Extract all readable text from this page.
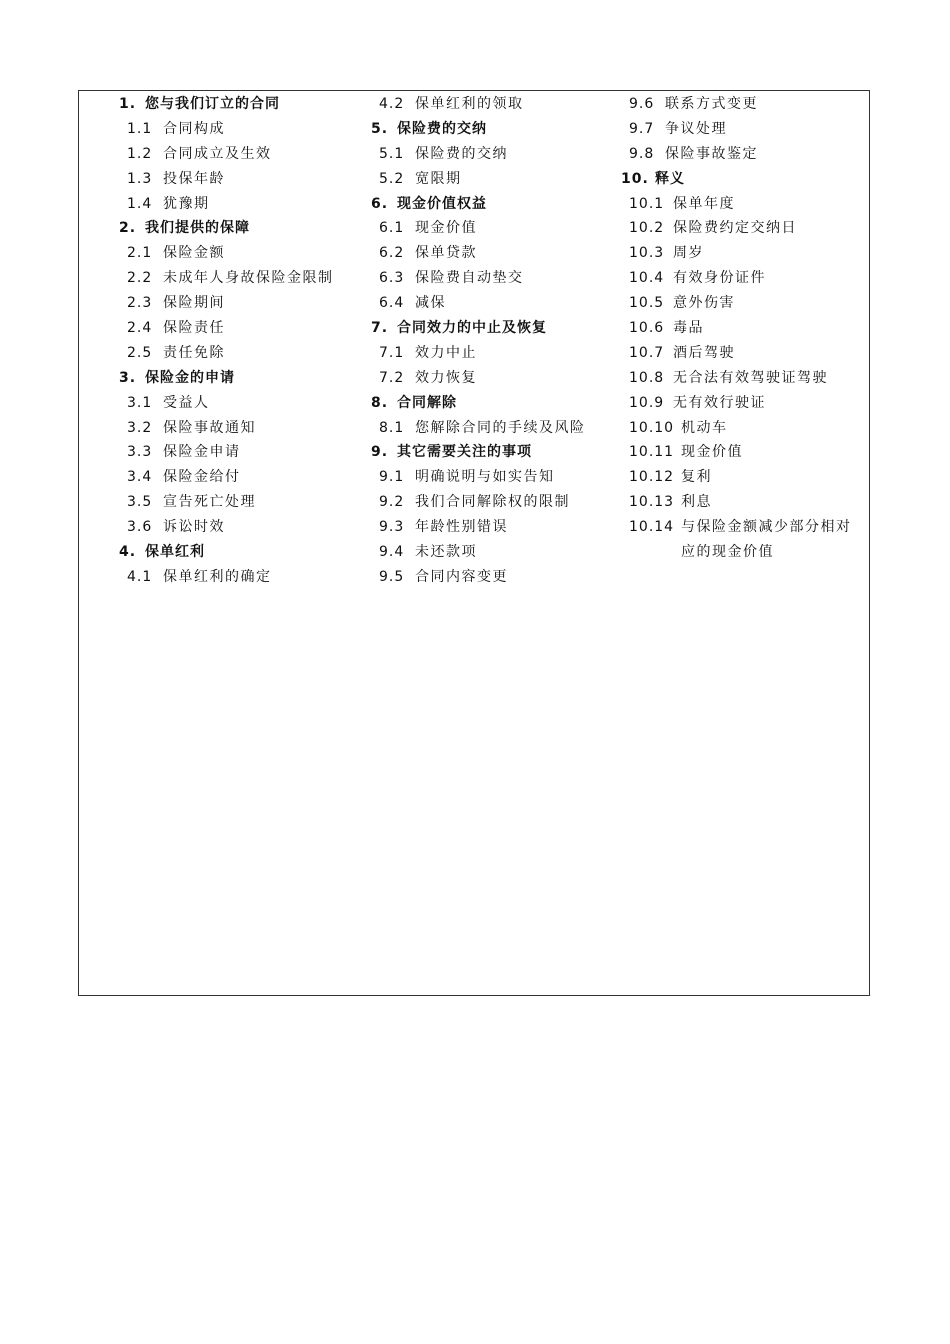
1. 您与我们订立的合同
1.1 合同构成
1.2 合同成立及生效
1.3 投保年龄
1.4 犹豫期
2. 我们提供的保障
2.1 保险金额
2.2 未成年人身故保险金限制
2.3 保险期间
2.4 保险责任
2.5 责任免除
3. 保险金的申请
3.1 受益人
3.2 保险事故通知
3.3 保险金申请
3.4 保险金给付
3.5 宣告死亡处理
3.6 诉讼时效
4. 保单红利
4.1 保单红利的确定
4.2 保单红利的领取
5. 保险费的交纳
5.1 保险费的交纳
5.2 宽限期
6. 现金价值权益
6.1 现金价值
6.2 保单贷款
6.3 保险费自动垫交
6.4 减保
7. 合同效力的中止及恢复
7.1 效力中止
7.2 效力恢复
8. 合同解除
8.1 您解除合同的手续及风险
9. 其它需要关注的事项
9.1 明确说明与如实告知
9.2 我们合同解除权的限制
9.3 年龄性别错误
9.4 未还款项
9.5 合同内容变更
9.6 联系方式变更
9.7 争议处理
9.8 保险事故鉴定
10. 释义
10.1 保单年度
10.2 保险费约定交纳日
10.3 周岁
10.4 有效身份证件
10.5 意外伤害
10.6 毒品
10.7 酒后驾驶
10.8 无合法有效驾驶证驾驶
10.9 无有效行驶证
10.10 机动车
10.11 现金价值
10.12 复利
10.13 利息
10.14 与保险金额减少部分相对应的现金价值
